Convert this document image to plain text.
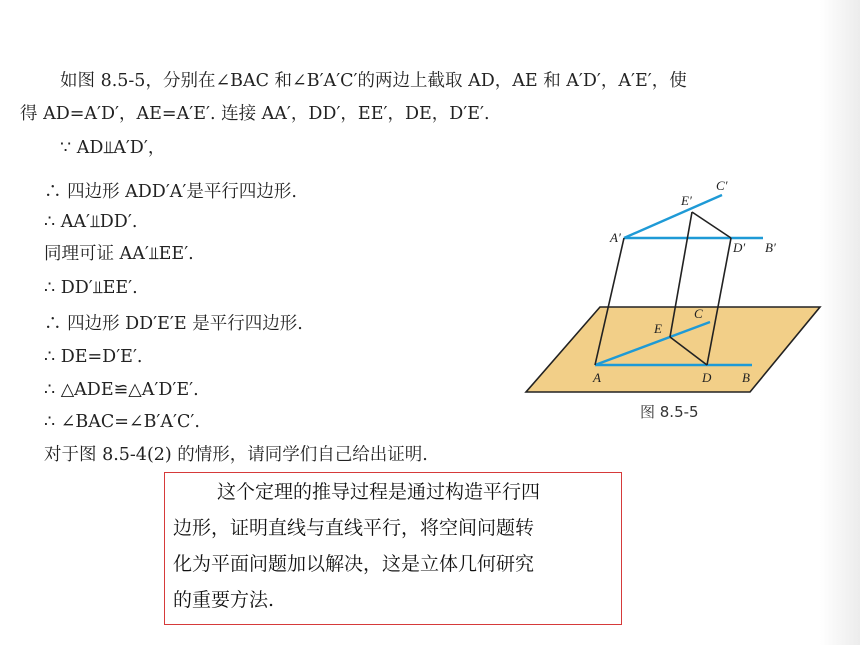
如图 8.5-5，分别在∠BAC 和∠B′A′C′的两边上截取 AD，AE 和 A′D′，A′E′，使
得 AD=A′D′，AE=A′E′. 连接 AA′，DD′，EE′，DE，D′E′.
∵ AD⫫A′D′，
∴ 四边形 ADD′A′是平行四边形.
∴ AA′⫫DD′.
同理可证 AA′⫫EE′.
∴ DD′⫫EE′.
∴ 四边形 DD′E′E 是平行四边形.
∴ DE=D′E′.
∴ △ADE≌△A′D′E′.
∴ ∠BAC=∠B′A′C′.
对于图 8.5-4(2) 的情形，请同学们自己给出证明.
A′
E′
C′
D′ B′
E
C
A	D B
图 8.5-5
这个定理的推导过程是通过构造平行四
边形，证明直线与直线平行，将空间问题转
化为平面问题加以解决，这是立体几何研究
的重要方法.
